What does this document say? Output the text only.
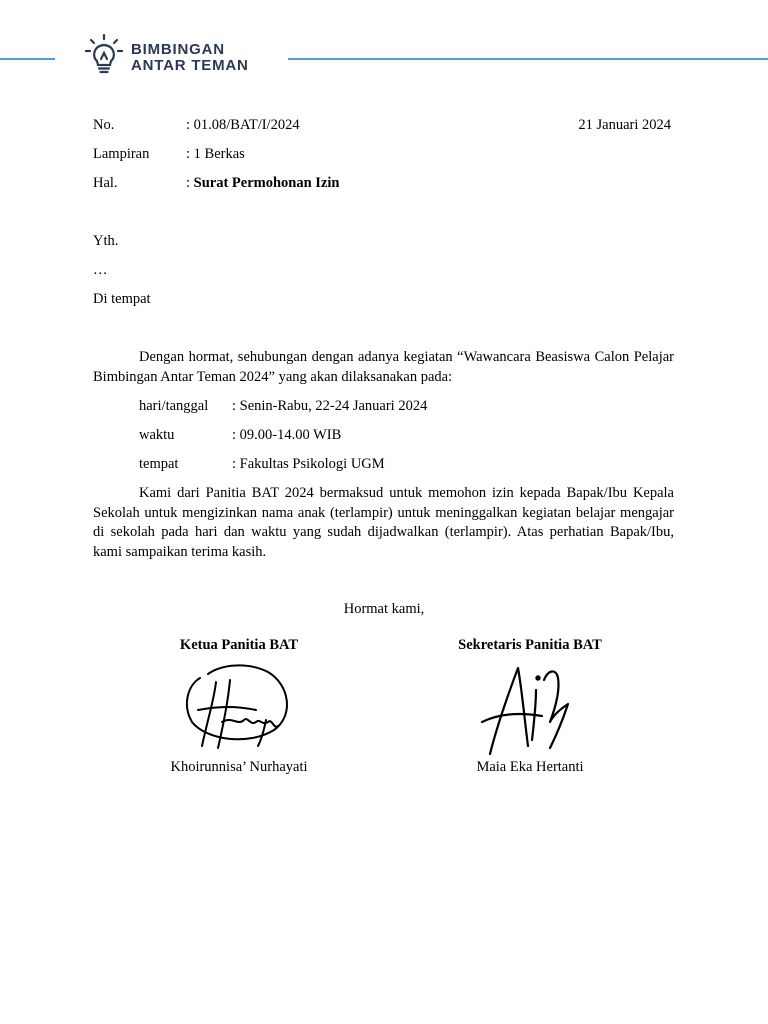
BIMBINGAN
ANTAR TEMAN
No.	: 01.08/BAT/I/2024	21 Januari 2024
Lampiran	: 1 Berkas
Hal.	: Surat Permohonan Izin
Yth.
…
Di tempat
Dengan hormat, sehubungan dengan adanya kegiatan “Wawancara Beasiswa Calon Pelajar Bimbingan Antar Teman 2024” yang akan dilaksanakan pada:
hari/tanggal : Senin-Rabu, 22-24 Januari 2024
waktu	: 09.00-14.00 WIB
tempat	: Fakultas Psikologi UGM
Kami dari Panitia BAT 2024 bermaksud untuk memohon izin kepada Bapak/Ibu Kepala Sekolah untuk mengizinkan nama anak (terlampir) untuk meninggalkan kegiatan belajar mengajar di sekolah pada hari dan waktu yang sudah dijadwalkan (terlampir). Atas perhatian Bapak/Ibu, kami sampaikan terima kasih.
Hormat kami,
Ketua Panitia BAT	Sekretaris Panitia BAT
Khoirunnisa’ Nurhayati	Maia Eka Hertanti
